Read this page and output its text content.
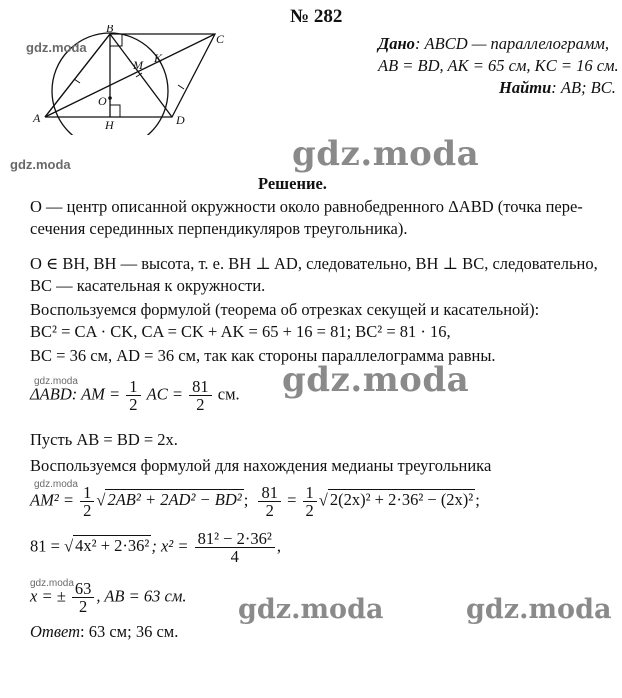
№ 282
B
C
A	D
H
O
M K
gdz.moda
gdz.moda
gdz.moda
gdz.moda
gdz.moda
Дано: ABCD — параллелограмм,
AB = BD, AK = 65 см, KC = 16 см.
Найти: AB; BC.
gdz.moda
Решение.
O — центр описанной окружности около равнобедренного ΔABD (точка пере-
сечения серединных перпендикуляров треугольника).
O ∈ BH, BH — высота, т. е. BH ⊥ AD, следовательно, BH ⊥ BC, следовательно,
BC — касательная к окружности.
Воспользуемся формулой (теорема об отрезках секущей и касательной):
BC² = CA · CK, CA = CK + AK = 65 + 16 = 81; BC² = 81 · 16,
BC = 36 см, AD = 36 см, так как стороны параллелограмма равны.
gdz.moda
ΔABD: AM = $\frac{1}{2}$ AC = $\frac{81}{2}$ см.
Пусть AB = BD = 2x.
Воспользуемся формулой для нахождения медианы треугольника
$AM^2 = \frac{1}{2}$ √ 2AB² + 2AD² − BD² ; $\frac{81}{2} = \frac{1}{2}$ √ 2(2x)² + 2·36² − (2x)² ;
81 = √ 4x² + 2·36² ; $x^2 = \frac{\text{81² − 2·36²}}{4}$ ,
x = ± $\frac{63}{2}$ , AB = 63 см. gdz.moda	gdz.moda
Ответ: 63 см; 36 см.
